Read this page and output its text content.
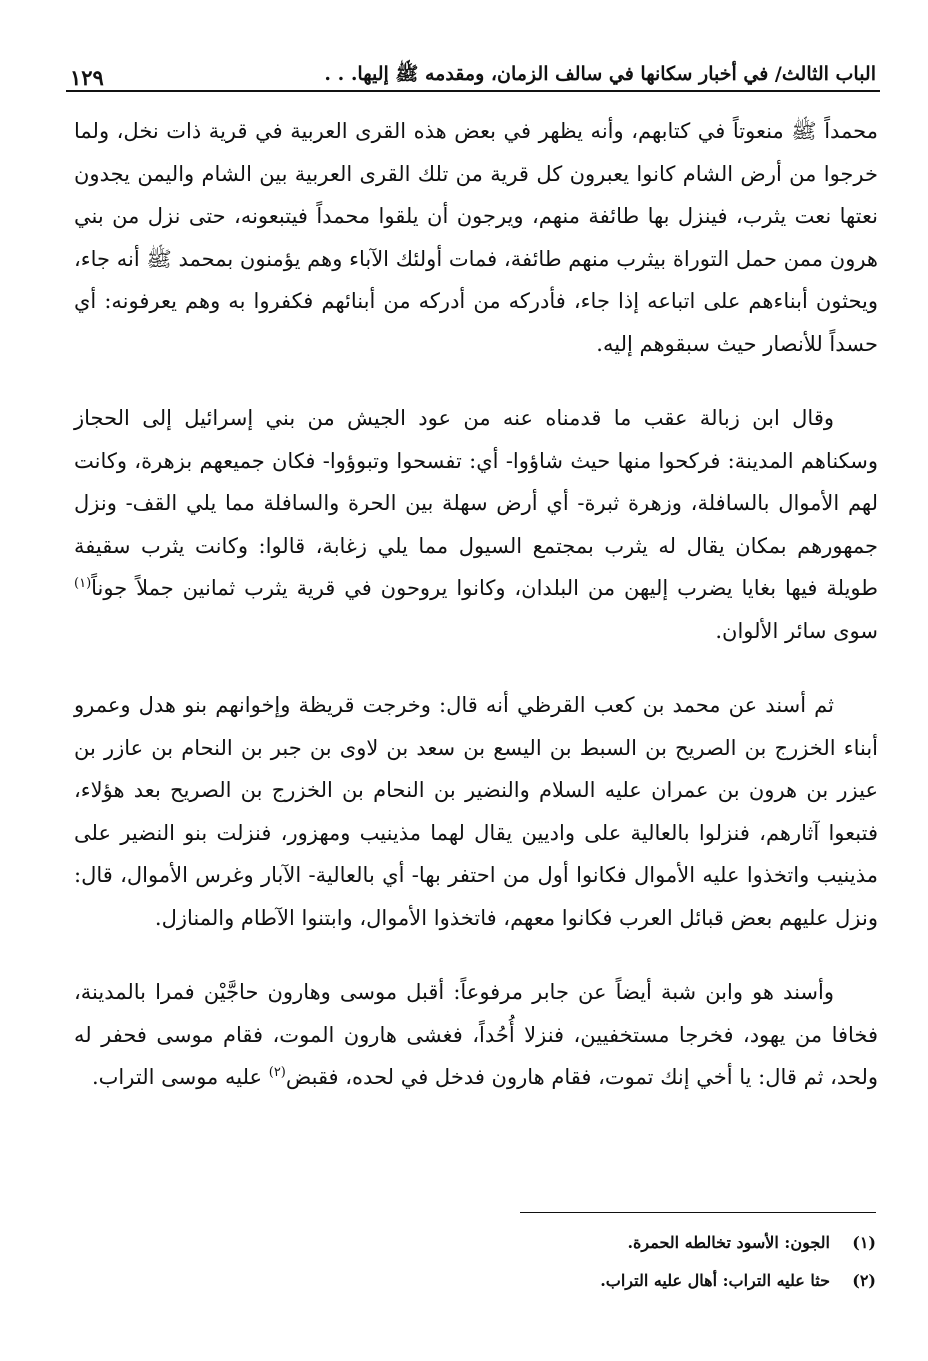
الباب الثالث/ في أخبار سكانها في سالف الزمان، ومقدمه ﷺ إليها. . .
١٢٩

محمداً ﷺ منعوتاً في كتابهم، وأنه يظهر في بعض هذه القرى العربية في قرية ذات نخل، ولما خرجوا من أرض الشام كانوا يعبرون كل قرية من تلك القرى العربية بين الشام واليمن يجدون نعتها نعت يثرب، فينزل بها طائفة منهم، ويرجون أن يلقوا محمداً فيتبعونه، حتى نزل من بني هرون ممن حمل التوراة بيثرب منهم طائفة، فمات أولئك الآباء وهم يؤمنون بمحمد ﷺ أنه جاء، ويحثون أبناءهم على اتباعه إذا جاء، فأدركه من أدركه من أبنائهم فكفروا به وهم يعرفونه: أي حسداً للأنصار حيث سبقوهم إليه.

وقال ابن زبالة عقب ما قدمناه عنه من عود الجيش من بني إسرائيل إلى الحجاز وسكناهم المدينة: فركحوا منها حيث شاؤوا- أي: تفسحوا وتبوؤوا- فكان جميعهم بزهرة، وكانت لهم الأموال بالسافلة، وزهرة ثبرة- أي أرض سهلة بين الحرة والسافلة مما يلي القف- ونزل جمهورهم بمكان يقال له يثرب بمجتمع السيول مما يلي زغابة، قالوا: وكانت يثرب سقيفة طويلة فيها بغايا يضرب إليهن من البلدان، وكانوا يروحون في قرية يثرب ثمانين جملاً جوناً$^{(١)}$ سوى سائر الألوان.

ثم أسند عن محمد بن كعب القرظي أنه قال: وخرجت قريظة وإخوانهم بنو هدل وعمرو أبناء الخزرج بن الصريح بن السبط بن اليسع بن سعد بن لاوى بن جبر بن النحام بن عازر بن عيزر بن هرون بن عمران عليه السلام والنضير بن النحام بن الخزرج بن الصريح بعد هؤلاء، فتبعوا آثارهم، فنزلوا بالعالية على واديين يقال لهما مذينيب ومهزور، فنزلت بنو النضير على مذينيب واتخذوا عليه الأموال فكانوا أول من احتفر بها- أي بالعالية- الآبار وغرس الأموال، قال: ونزل عليهم بعض قبائل العرب فكانوا معهم، فاتخذوا الأموال، وابتنوا الآطام والمنازل.

وأسند هو وابن شبة أيضاً عن جابر مرفوعاً: أقبل موسى وهارون حاجَّيْن فمرا بالمدينة، فخافا من يهود، فخرجا مستخفيين، فنزلا أُحُداً، فغشى هارون الموت، فقام موسى فحفر له ولحد، ثم قال: يا أخي إنك تموت، فقام هارون فدخل في لحده، فقبض$^{(٢)}$ عليه موسى التراب.

(١)
الجون: الأسود تخالطه الحمرة.
(٢)
حثا عليه التراب: أهال عليه التراب.
